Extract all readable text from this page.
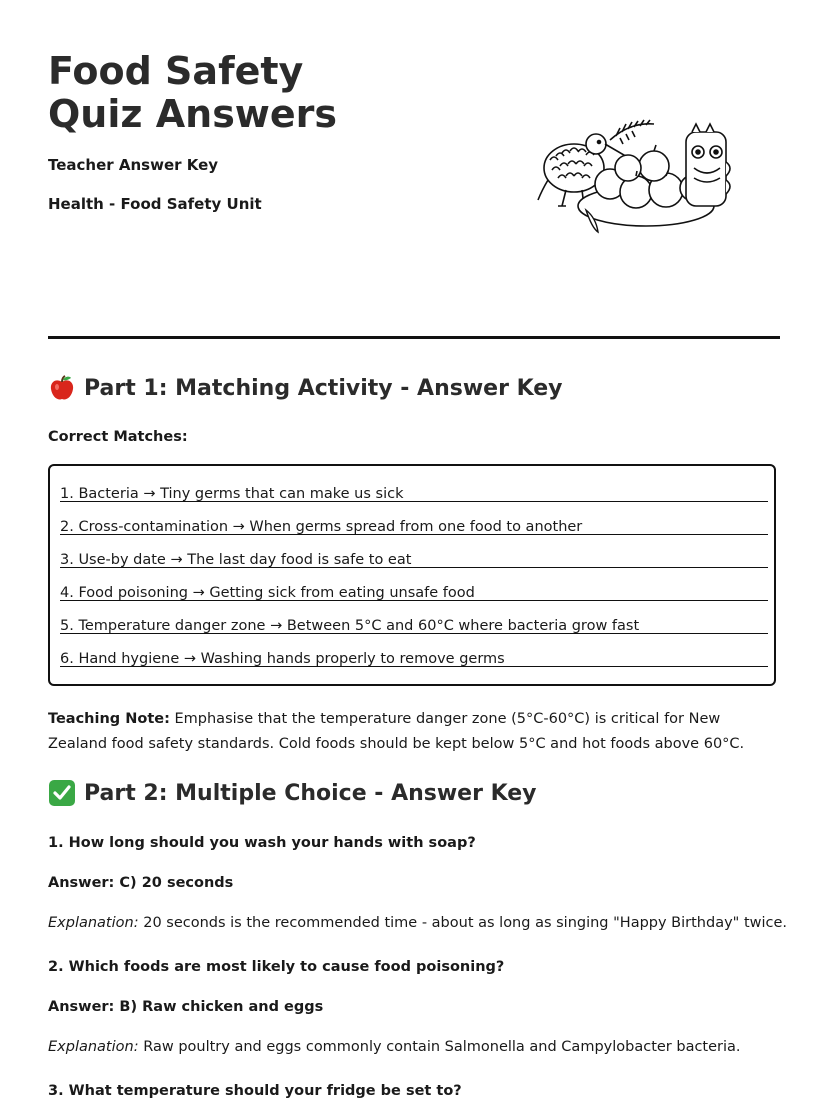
Food Safety Quiz Answers

Teacher Answer Key

Health - Food Safety Unit

Part 1: Matching Activity - Answer Key

Correct Matches:

1. Bacteria → Tiny germs that can make us sick
2. Cross-contamination → When germs spread from one food to another
3. Use-by date → The last day food is safe to eat
4. Food poisoning → Getting sick from eating unsafe food
5. Temperature danger zone → Between 5°C and 60°C where bacteria grow fast
6. Hand hygiene → Washing hands properly to remove germs

Teaching Note: Emphasise that the temperature danger zone (5°C-60°C) is critical for New Zealand food safety standards. Cold foods should be kept below 5°C and hot foods above 60°C.

Part 2: Multiple Choice - Answer Key

1. How long should you wash your hands with soap?

Answer: C) 20 seconds

Explanation: 20 seconds is the recommended time - about as long as singing "Happy Birthday" twice.

2. Which foods are most likely to cause food poisoning?

Answer: B) Raw chicken and eggs

Explanation: Raw poultry and eggs commonly contain Salmonella and Campylobacter bacteria.

3. What temperature should your fridge be set to?
